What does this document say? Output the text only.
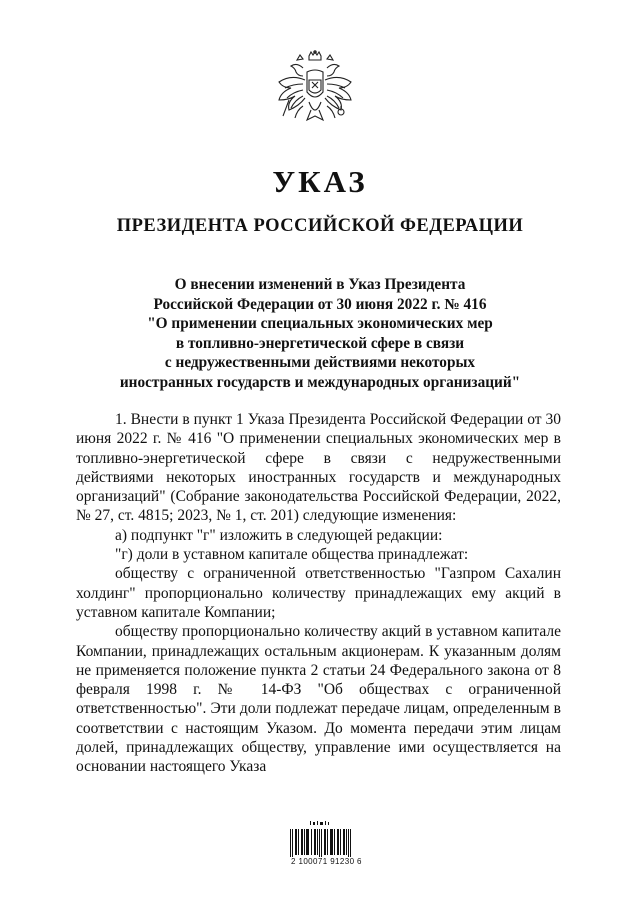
УКАЗ
ПРЕЗИДЕНТА РОССИЙСКОЙ ФЕДЕРАЦИИ
О внесении изменений в Указ Президента
Российской Федерации от 30 июня 2022 г. № 416
"О применении специальных экономических мер
в топливно-энергетической сфере в связи
с недружественными действиями некоторых
иностранных государств и международных организаций"

1. Внести в пункт 1 Указа Президента Российской Федерации от 30 июня 2022 г. № 416 "О применении специальных экономических мер в топливно-энергетической сфере в связи с недружественными действиями некоторых иностранных государств и международных организаций" (Собрание законодательства Российской Федерации, 2022, № 27, ст. 4815; 2023, № 1, ст. 201) следующие изменения:

а) подпункт "г" изложить в следующей редакции:

"г) доли в уставном капитале общества принадлежат:

обществу с ограниченной ответственностью "Газпром Сахалин холдинг" пропорционально количеству принадлежащих ему акций в уставном капитале Компании;

обществу пропорционально количеству акций в уставном капитале Компании, принадлежащих остальным акционерам. К указанным долям не применяется положение пункта 2 статьи 24 Федерального закона от 8 февраля 1998 г. № 14-ФЗ "Об обществах с ограниченной ответственностью". Эти доли подлежат передаче лицам, определенным в соответствии с настоящим Указом. До момента передачи этим лицам долей, принадлежащих обществу, управление ими осуществляется на основании настоящего Указа

2 100071 91230 6
